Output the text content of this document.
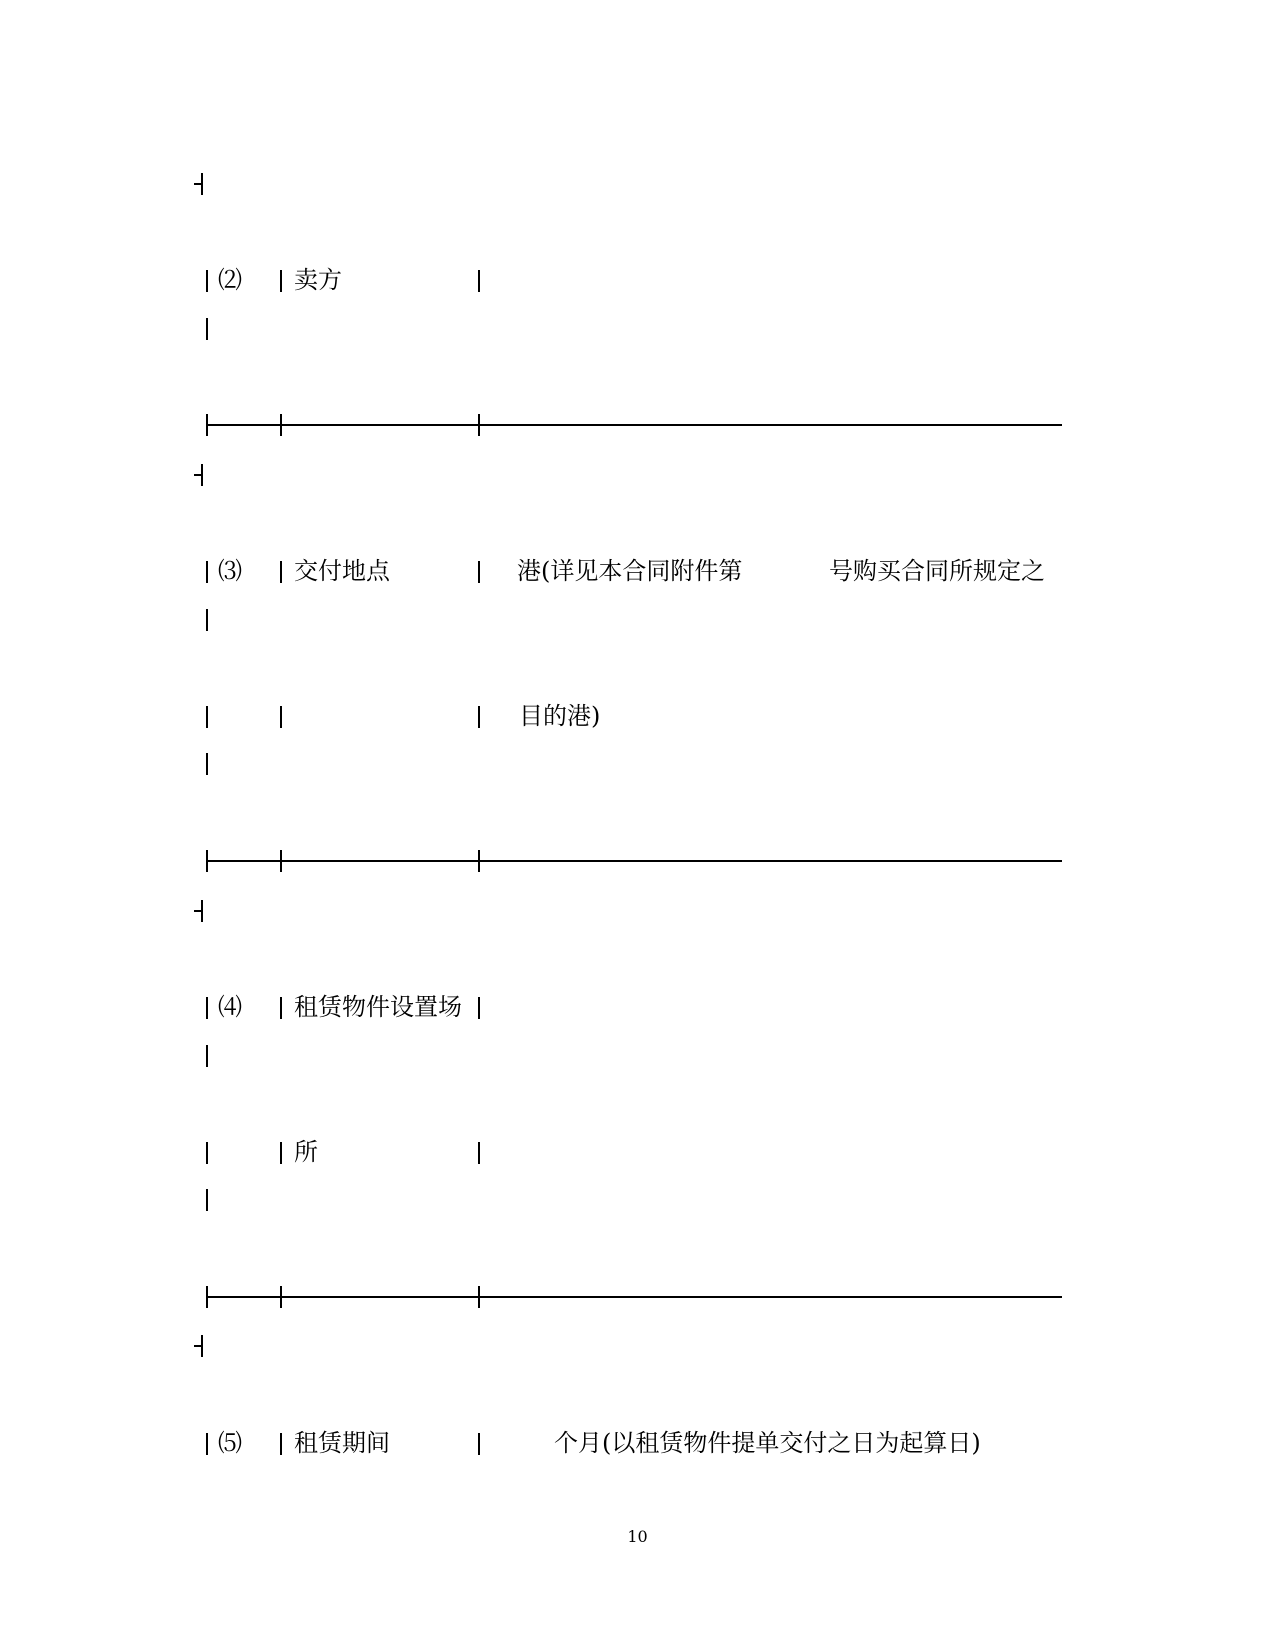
⑵ 卖方
⑶ 交付地点	港(详见本合同附件第	号购买合同所规定之
目的港)
⑷ 租赁物件设置场
所
⑸ 租赁期间	个月(以租赁物件提单交付之日为起算日)
10
